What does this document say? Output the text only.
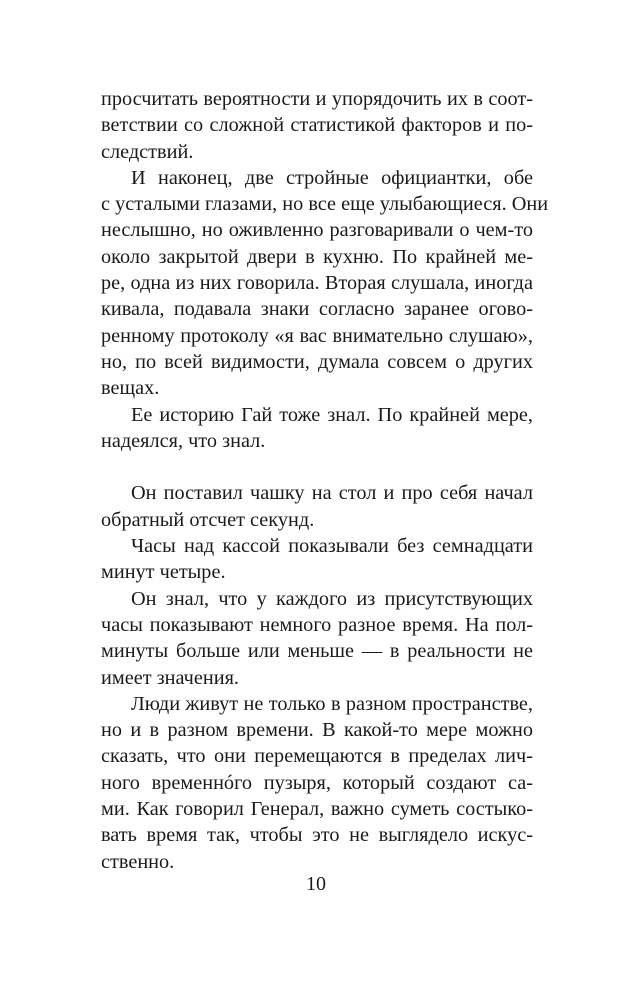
просчитать вероятности и упорядочить их в соот-
ветствии со сложной статистикой факторов и по-
следствий.
И наконец, две стройные официантки, обе
с усталыми глазами, но все еще улыбающиеся. Они
неслышно, но оживленно разговаривали о чем-то
около закрытой двери в кухню. По крайней ме-
ре, одна из них говорила. Вторая слушала, иногда
кивала, подавала знаки согласно заранее огово-
ренному протоколу «я вас внимательно слушаю»,
но, по всей видимости, думала совсем о других
вещах.
Ее историю Гай тоже знал. По крайней мере,
надеялся, что знал.
Он поставил чашку на стол и про себя начал
обратный отсчет секунд.
Часы над кассой показывали без семнадцати
минут четыре.
Он знал, что у каждого из присутствующих
часы показывают немного разное время. На пол-
минуты больше или меньше — в реальности не
имеет значения.
Люди живут не только в разном пространстве,
но и в разном времени. В какой-то мере можно
сказать, что они перемещаются в пределах лич-
ного временнóго пузыря, который создают са-
ми. Как говорил Генерал, важно суметь состыко-
вать время так, чтобы это не выглядело искус-
ственно.
10
